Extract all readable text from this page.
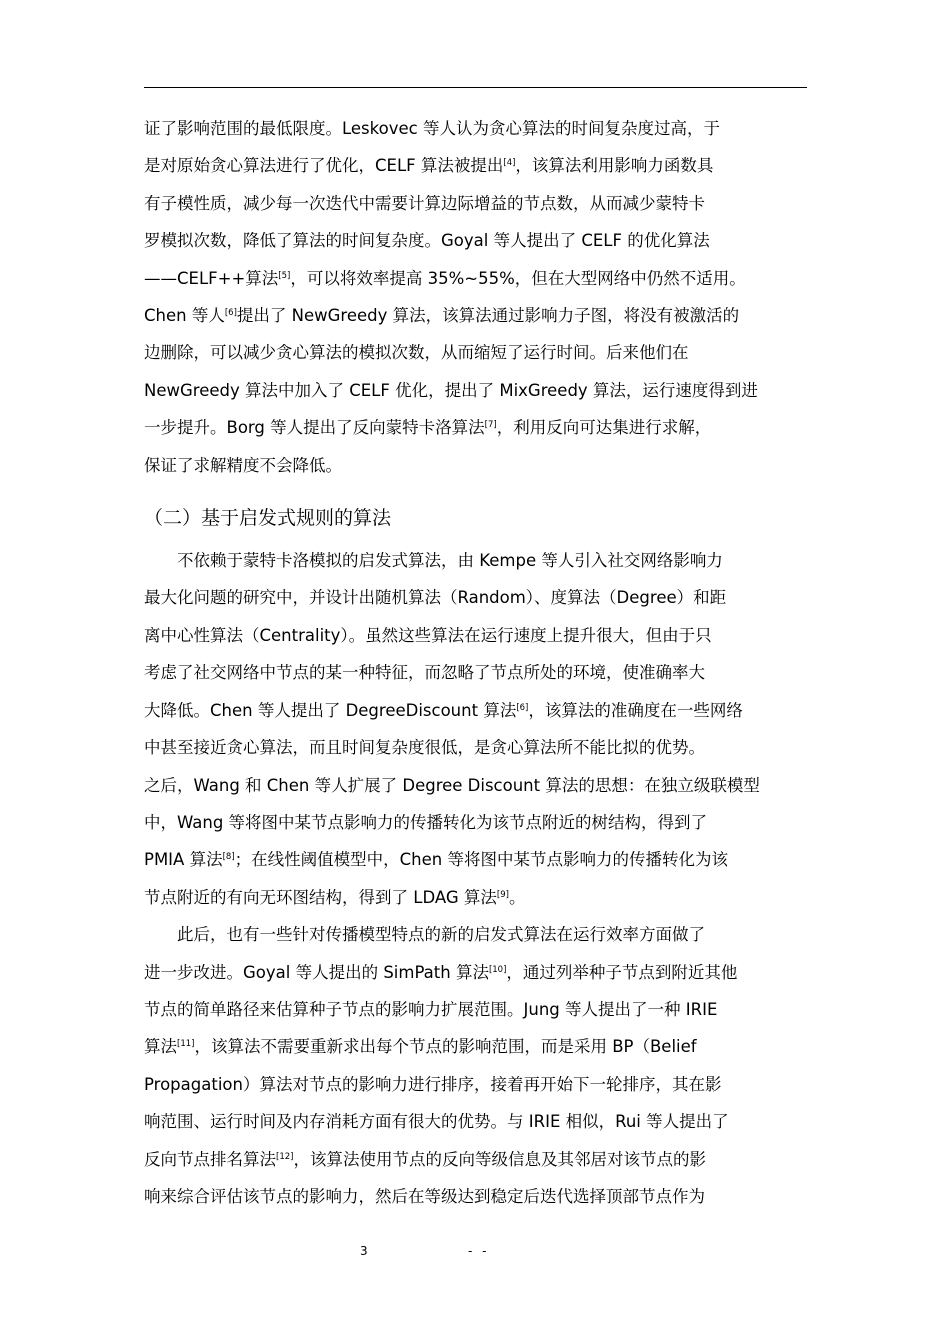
证了影响范围的最低限度。Leskovec 等人认为贪心算法的时间复杂度过高，于
是对原始贪心算法进行了优化，CELF 算法被提出[4]，该算法利用影响力函数具
有子模性质，减少每一次迭代中需要计算边际增益的节点数，从而减少蒙特卡
罗模拟次数，降低了算法的时间复杂度。Goyal 等人提出了 CELF 的优化算法
——CELF++算法[5]，可以将效率提高 35%~55%，但在大型网络中仍然不适用。
Chen 等人[6]提出了 NewGreedy 算法，该算法通过影响力子图，将没有被激活的
边删除，可以减少贪心算法的模拟次数，从而缩短了运行时间。后来他们在
NewGreedy 算法中加入了 CELF 优化，提出了 MixGreedy 算法，运行速度得到进
一步提升。Borg 等人提出了反向蒙特卡洛算法[7]，利用反向可达集进行求解，
保证了求解精度不会降低。

（二）基于启发式规则的算法

　　不依赖于蒙特卡洛模拟的启发式算法，由 Kempe 等人引入社交网络影响力
最大化问题的研究中，并设计出随机算法（Random）、度算法（Degree）和距
离中心性算法（Centrality）。虽然这些算法在运行速度上提升很大，但由于只
考虑了社交网络中节点的某一种特征，而忽略了节点所处的环境，使准确率大
大降低。Chen 等人提出了 DegreeDiscount 算法[6]，该算法的准确度在一些网络
中甚至接近贪心算法，而且时间复杂度很低，是贪心算法所不能比拟的优势。
之后，Wang 和 Chen 等人扩展了 Degree Discount 算法的思想：在独立级联模型
中，Wang 等将图中某节点影响力的传播转化为该节点附近的树结构，得到了
PMIA 算法[8]；在线性阈值模型中，Chen 等将图中某节点影响力的传播转化为该
节点附近的有向无环图结构，得到了 LDAG 算法[9]。

　　此后，也有一些针对传播模型特点的新的启发式算法在运行效率方面做了
进一步改进。Goyal 等人提出的 SimPath 算法[10]，通过列举种子节点到附近其他
节点的简单路径来估算种子节点的影响力扩展范围。Jung 等人提出了一种 IRIE
算法[11]，该算法不需要重新求出每个节点的影响范围，而是采用 BP（Belief
Propagation）算法对节点的影响力进行排序，接着再开始下一轮排序，其在影
响范围、运行时间及内存消耗方面有很大的优势。与 IRIE 相似，Rui 等人提出了
反向节点排名算法[12]，该算法使用节点的反向等级信息及其邻居对该节点的影
响来综合评估该节点的影响力，然后在等级达到稳定后迭代选择顶部节点作为

3	- -
